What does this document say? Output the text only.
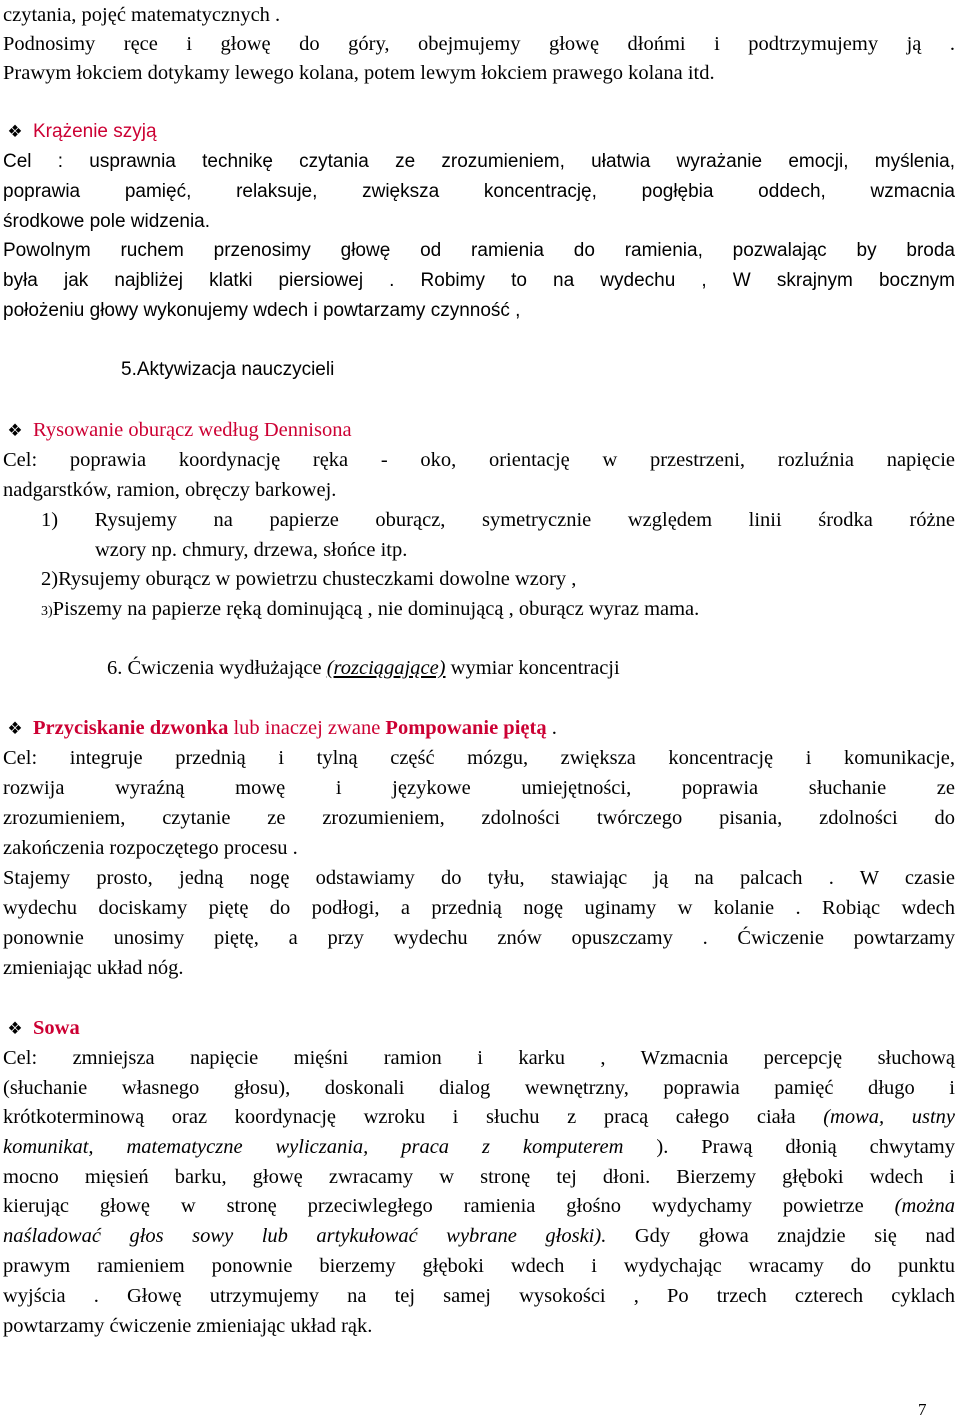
czytania, pojęć matematycznych .
Podnosimy ręce i głowę do góry, obejmujemy głowę dłońmi i podtrzymujemy ją .
Prawym łokciem dotykamy lewego kolana, potem lewym łokciem prawego kolana itd.
❖ Krążenie szyją
Cel : usprawnia technikę czytania ze zrozumieniem, ułatwia wyrażanie emocji, myślenia,
poprawia pamięć, relaksuje, zwiększa koncentrację, pogłębia oddech, wzmacnia
środkowe pole widzenia.
Powolnym ruchem przenosimy głowę od ramienia do ramienia, pozwalając by broda
była jak najbliżej klatki piersiowej . Robimy to na wydechu , W skrajnym bocznym
położeniu głowy wykonujemy wdech i powtarzamy czynność ,
5.Aktywizacja nauczycieli
❖ Rysowanie oburącz według Dennisona
Cel: poprawia koordynację ręka - oko, orientację w przestrzeni, rozluźnia napięcie
nadgarstków, ramion, obręczy barkowej.
1) Rysujemy na papierze oburącz, symetrycznie względem linii środka różne
wzory np. chmury, drzewa, słońce itp.
2)Rysujemy oburącz w powietrzu chusteczkami dowolne wzory ,
3)Piszemy na papierze ręką dominującą , nie dominującą , oburącz wyraz mama.
6. Ćwiczenia wydłużające (rozciągające) wymiar koncentracji
❖ Przyciskanie dzwonka lub inaczej zwane Pompowanie piętą .
Cel: integruje przednią i tylną część mózgu, zwiększa koncentrację i komunikacje,
rozwija wyraźną mowę i językowe umiejętności, poprawia słuchanie ze
zrozumieniem, czytanie ze zrozumieniem, zdolności twórczego pisania, zdolności do
zakończenia rozpoczętego procesu .
Stajemy prosto, jedną nogę odstawiamy do tyłu, stawiając ją na palcach . W czasie
wydechu dociskamy piętę do podłogi, a przednią nogę uginamy w kolanie . Robiąc wdech
ponownie unosimy piętę, a przy wydechu znów opuszczamy . Ćwiczenie powtarzamy
zmieniając układ nóg.
❖ Sowa
Cel: zmniejsza napięcie mięśni ramion i karku , Wzmacnia percepcję słuchową
(słuchanie własnego głosu), doskonali dialog wewnętrzny, poprawia pamięć długo i
krótkoterminową oraz koordynację wzroku i słuchu z pracą całego ciała (mowa, ustny
komunikat, matematyczne wyliczania, praca z komputerem ). Prawą dłonią chwytamy
mocno mięsień barku, głowę zwracamy w stronę tej dłoni. Bierzemy głęboki wdech i
kierując głowę w stronę przeciwległego ramienia głośno wydychamy powietrze (można
naśladować głos sowy lub artykułować wybrane głoski). Gdy głowa znajdzie się nad
prawym ramieniem ponownie bierzemy głęboki wdech i wydychając wracamy do punktu
wyjścia . Głowę utrzymujemy na tej samej wysokości , Po trzech czterech cyklach
powtarzamy ćwiczenie zmieniając układ rąk.
7
